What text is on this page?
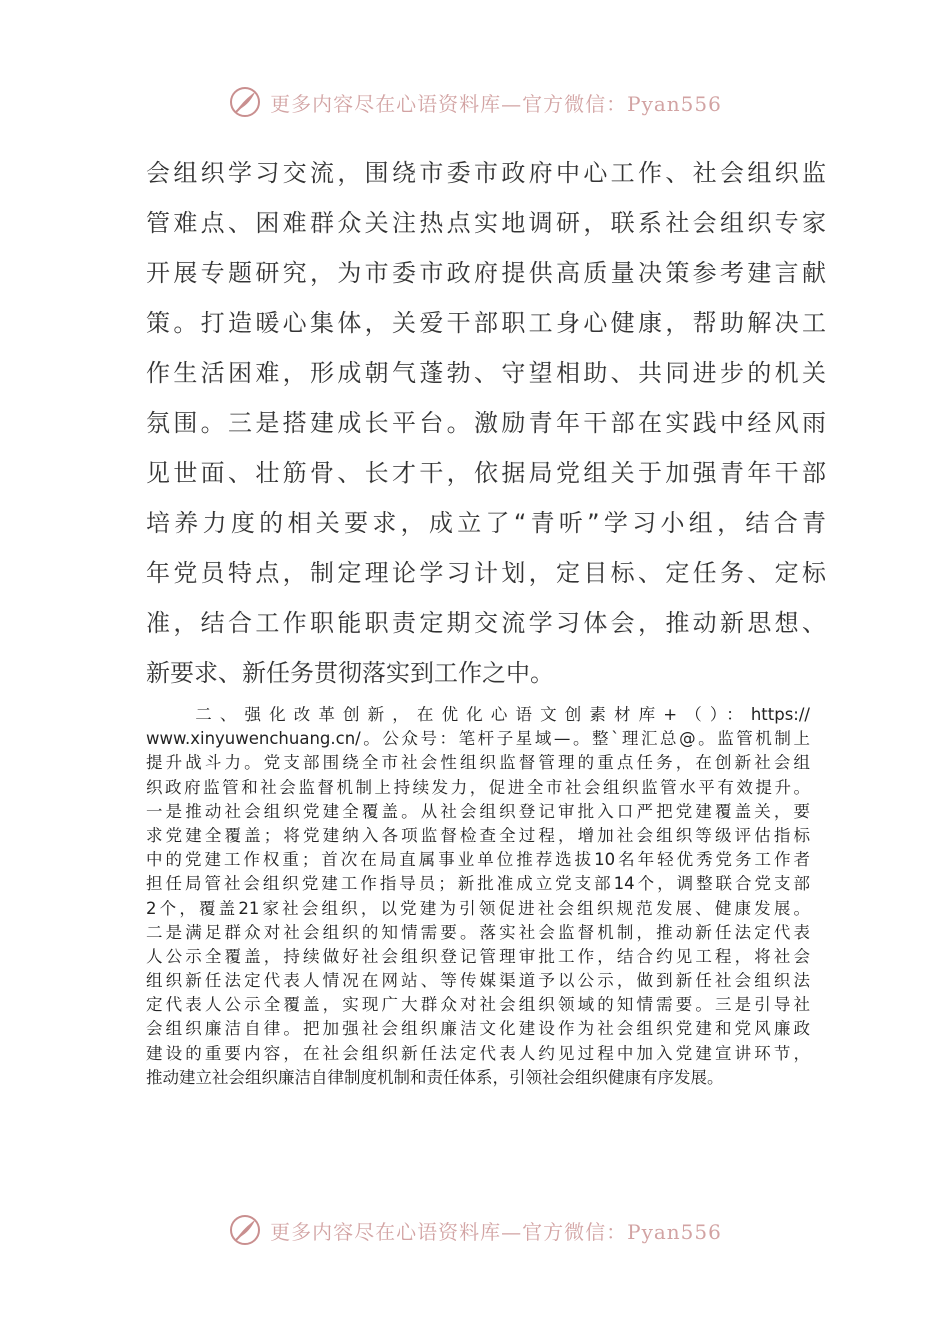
更多内容尽在心语资料库—官方微信：Pyan556
会组织学习交流，围绕市委市政府中心工作、社会组织监
管难点、困难群众关注热点实地调研，联系社会组织专家
开展专题研究，为市委市政府提供高质量决策参考建言献
策。打造暖心集体，关爱干部职工身心健康，帮助解决工
作生活困难，形成朝气蓬勃、守望相助、共同进步的机关
氛围。三是搭建成长平台。激励青年干部在实践中经风雨
见世面、壮筋骨、长才干，依据局党组关于加强青年干部
培养力度的相关要求，成立了“青听”学习小组，结合青
年党员特点，制定理论学习计划，定目标、定任务、定标
准，结合工作职能职责定期交流学习体会，推动新思想、
新要求、新任务贯彻落实到工作之中。
　　二、强化改革创新，在优化心语文创素材库+（）：https://
www.xinyuwenchuang.cn/。公众号：笔杆子星域—。整`理汇总@。监管机制上
提升战斗力。党支部围绕全市社会性组织监督管理的重点任务，在创新社会组
织政府监管和社会监督机制上持续发力，促进全市社会组织监管水平有效提升。
一是推动社会组织党建全覆盖。从社会组织登记审批入口严把党建覆盖关，要
求党建全覆盖；将党建纳入各项监督检查全过程，增加社会组织等级评估指标
中的党建工作权重；首次在局直属事业单位推荐选拔10名年轻优秀党务工作者
担任局管社会组织党建工作指导员；新批准成立党支部14个，调整联合党支部
2个，覆盖21家社会组织，以党建为引领促进社会组织规范发展、健康发展。
二是满足群众对社会组织的知情需要。落实社会监督机制，推动新任法定代表
人公示全覆盖，持续做好社会组织登记管理审批工作，结合约见工程，将社会
组织新任法定代表人情况在网站、等传媒渠道予以公示，做到新任社会组织法
定代表人公示全覆盖，实现广大群众对社会组织领域的知情需要。三是引导社
会组织廉洁自律。把加强社会组织廉洁文化建设作为社会组织党建和党风廉政
建设的重要内容，在社会组织新任法定代表人约见过程中加入党建宣讲环节，
推动建立社会组织廉洁自律制度机制和责任体系，引领社会组织健康有序发展。
更多内容尽在心语资料库—官方微信：Pyan556
